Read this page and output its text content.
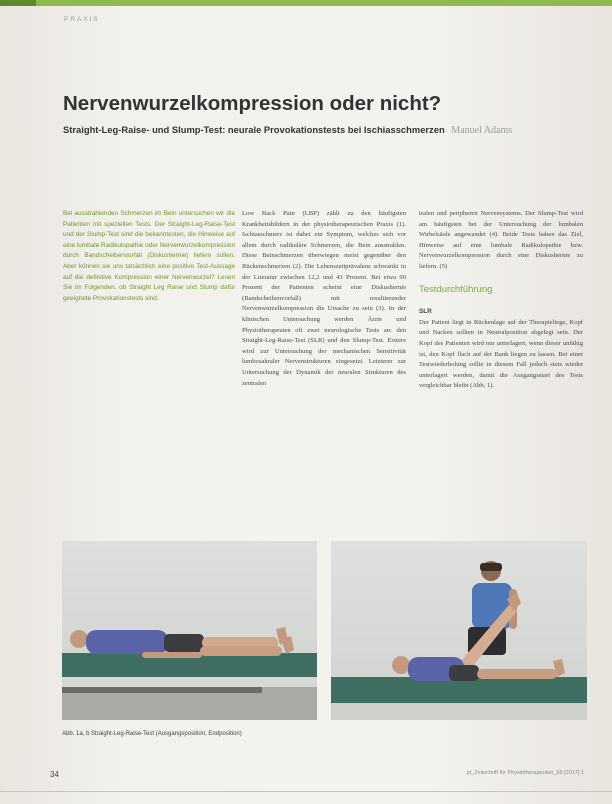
PRAXIS
Nervenwurzelkompression oder nicht?
Straight-Leg-Raise- und Slump-Test: neurale Provokationstests bei Ischiasschmerzen Manuel Adams
Bei ausstrahlenden Schmerzen im Bein untersuchen wir die Patienten mit speziellen Tests. Der Straight-Leg-Raise-Test und der Slump-Test sind die bekanntesten, die Hinweise auf eine lumbale Radikulopathie oder Nervenwurzelkompression durch Bandscheibenvorfall (Diskushernie) liefern sollen. Aber können sie uns tatsächlich eine positive Test-Aussage auf die definitive Kompression einer Nervenwurzel? Lesen Sie im Folgenden, ob Straight Leg Raise und Slump dafür geeignete Provokationstests sind.
Low Back Pain (LBP) zählt zu den häufigsten Krankheitsbildern in der physiotherapeutischen Praxis (1). Ischiasschmerz ist dabei ein Symptom, welches sich vor allem durch radikuläre Schmerzen, die Bein ausstrahlen. Diese Beinschmerzen überwiegen meist gegenüber den Rückenschmerzen (2). Die Lebenszeitprävalenz schwankt in der Literatur zwischen 12,2 und 43 Prozent. Bei etwa 90 Prozent der Patienten scheint eine Diskushernie (Bandscheibenvorfall) mit resultierender Nervenwurzelkompression die Ursache zu sein (3). In der klinischen Untersuchung werden Ärzte und Physiotherapeuten oft zwei neurologische Tests an: den Straight-Leg-Raise-Test (SLR) und den Slump-Test. Erstere wird zur Untersuchung der mechanischen Sensitivität lumbosakraler Nervenstrukturen eingesetzt. Letzterer zur Untersuchung der Dynamik der neuralen Strukturen des zentralen
tralen und peripheren Nervensystems. Der Slump-Test wird am häufigsten bei der Untersuchung der lumbalen Wirbelsäule angewandet (4). Beide Tests haben das Ziel, Hinweise auf eine lumbale Radikulopathie bzw. Nervenwurzelkompression durch eine Diskushernie zu liefern. (5)
Testdurchführung
SLR
Der Patient liegt in Rückenlage auf der Therapieliege, Kopf und Nacken sollten in Neutralposition abgelegt sein. Der Kopf des Patienten wird nur unterlagert, wenn dieser unfähig ist, den Kopf flach auf der Bank liegen zu lassen. Bei einer Testwiederholung sollte in diesem Fall jedoch stets wieder unterlagert werden, damit die Ausgangsstart des Tests vergleichbar bleibt (Abb. 1).
Abb. 1a, b Straight-Leg-Raise-Test (Ausgangsposition, Endposition)
34	pt_Zeitschrift für Physiotherapeuten_69 [2017] 1
